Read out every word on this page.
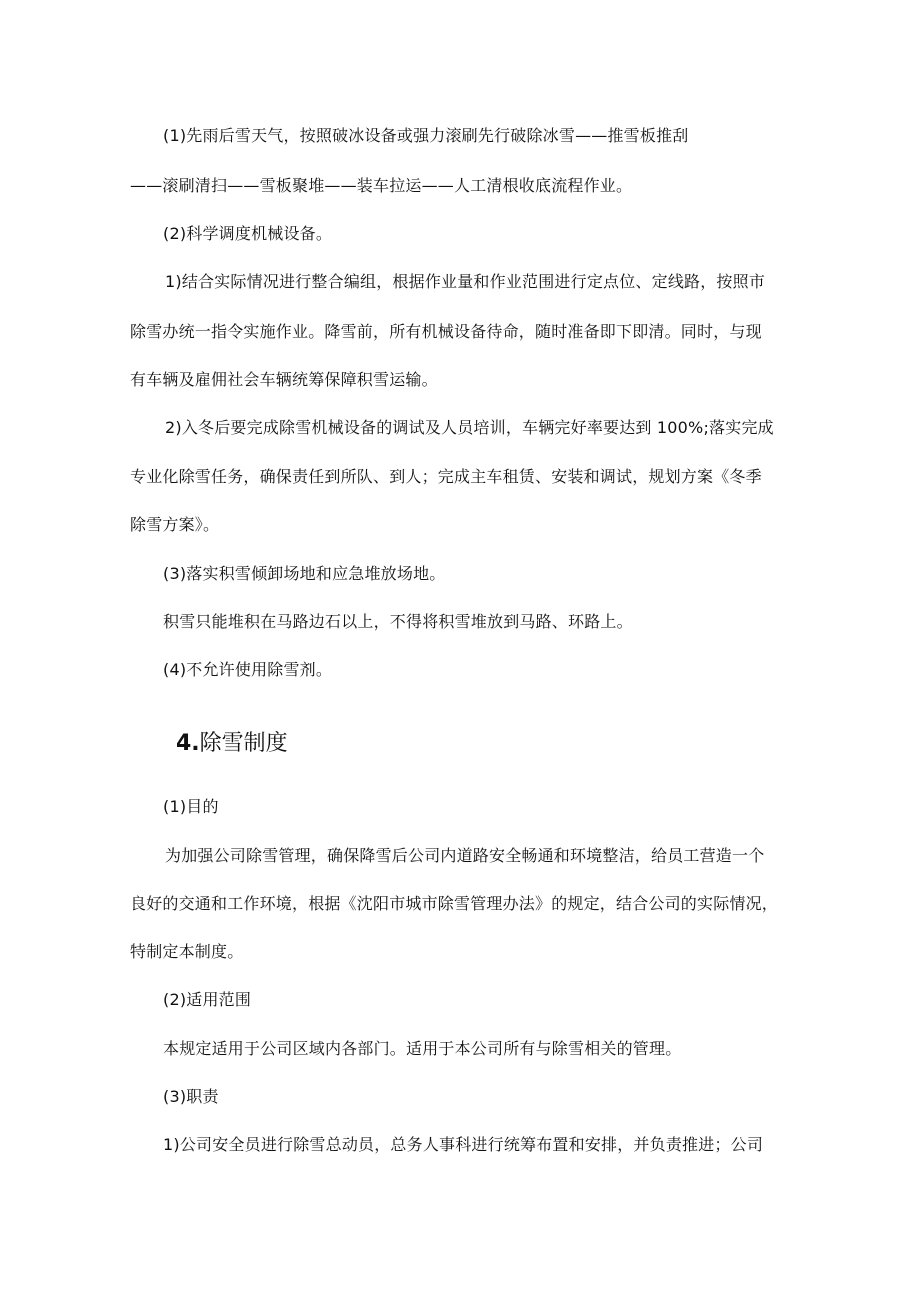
(1)先雨后雪天气，按照破冰设备或强力滚刷先行破除冰雪——推雪板推刮
——滚刷清扫——雪板聚堆——装车拉运——人工清根收底流程作业。
(2)科学调度机械设备。
1)结合实际情况进行整合编组，根据作业量和作业范围进行定点位、定线路，按照市
除雪办统一指令实施作业。降雪前，所有机械设备待命，随时准备即下即清。同时，与现
有车辆及雇佣社会车辆统筹保障积雪运输。
2)入冬后要完成除雪机械设备的调试及人员培训，车辆完好率要达到 100%;落实完成
专业化除雪任务，确保责任到所队、到人；完成主车租赁、安装和调试，规划方案《冬季
除雪方案》。
(3)落实积雪倾卸场地和应急堆放场地。
积雪只能堆积在马路边石以上，不得将积雪堆放到马路、环路上。
(4)不允许使用除雪剂。
4.除雪制度
(1)目的
为加强公司除雪管理，确保降雪后公司内道路安全畅通和环境整洁，给员工营造一个
良好的交通和工作环境，根据《沈阳市城市除雪管理办法》的规定，结合公司的实际情况，
特制定本制度。
(2)适用范围
本规定适用于公司区域内各部门。适用于本公司所有与除雪相关的管理。
(3)职责
1)公司安全员进行除雪总动员，总务人事科进行统筹布置和安排，并负责推进；公司
